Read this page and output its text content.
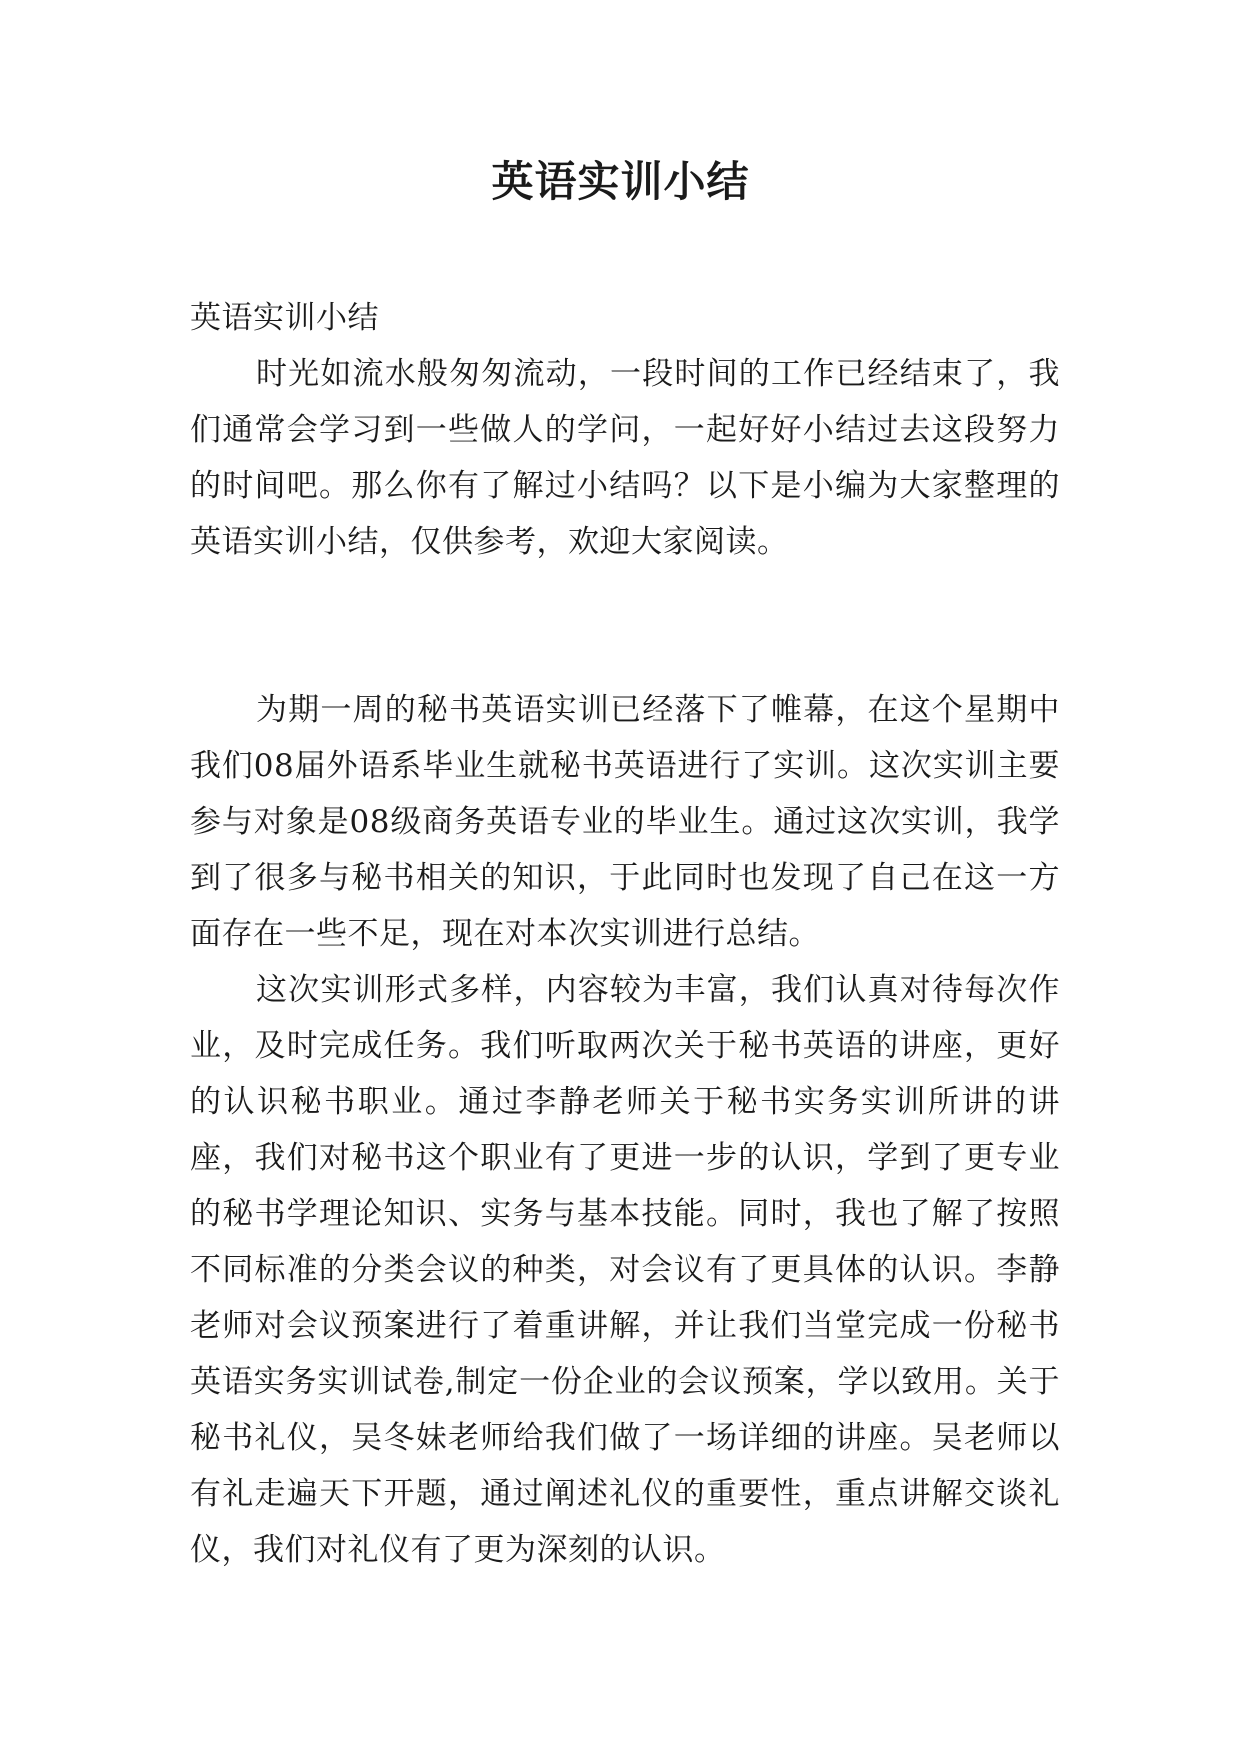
英语实训小结

英语实训小结

时光如流水般匆匆流动，一段时间的工作已经结束了，我们通常会学习到一些做人的学问，一起好好小结过去这段努力的时间吧。那么你有了解过小结吗？以下是小编为大家整理的英语实训小结，仅供参考，欢迎大家阅读。

为期一周的秘书英语实训已经落下了帷幕，在这个星期中我们08届外语系毕业生就秘书英语进行了实训。这次实训主要参与对象是08级商务英语专业的毕业生。通过这次实训，我学到了很多与秘书相关的知识，于此同时也发现了自己在这一方面存在一些不足，现在对本次实训进行总结。

这次实训形式多样，内容较为丰富，我们认真对待每次作业，及时完成任务。我们听取两次关于秘书英语的讲座，更好的认识秘书职业。通过李静老师关于秘书实务实训所讲的讲座，我们对秘书这个职业有了更进一步的认识，学到了更专业的秘书学理论知识、实务与基本技能。同时，我也了解了按照不同标准的分类会议的种类，对会议有了更具体的认识。李静老师对会议预案进行了着重讲解，并让我们当堂完成一份秘书英语实务实训试卷,制定一份企业的会议预案，学以致用。关于秘书礼仪，吴冬妹老师给我们做了一场详细的讲座。吴老师以有礼走遍天下开题，通过阐述礼仪的重要性，重点讲解交谈礼仪，我们对礼仪有了更为深刻的认识。
